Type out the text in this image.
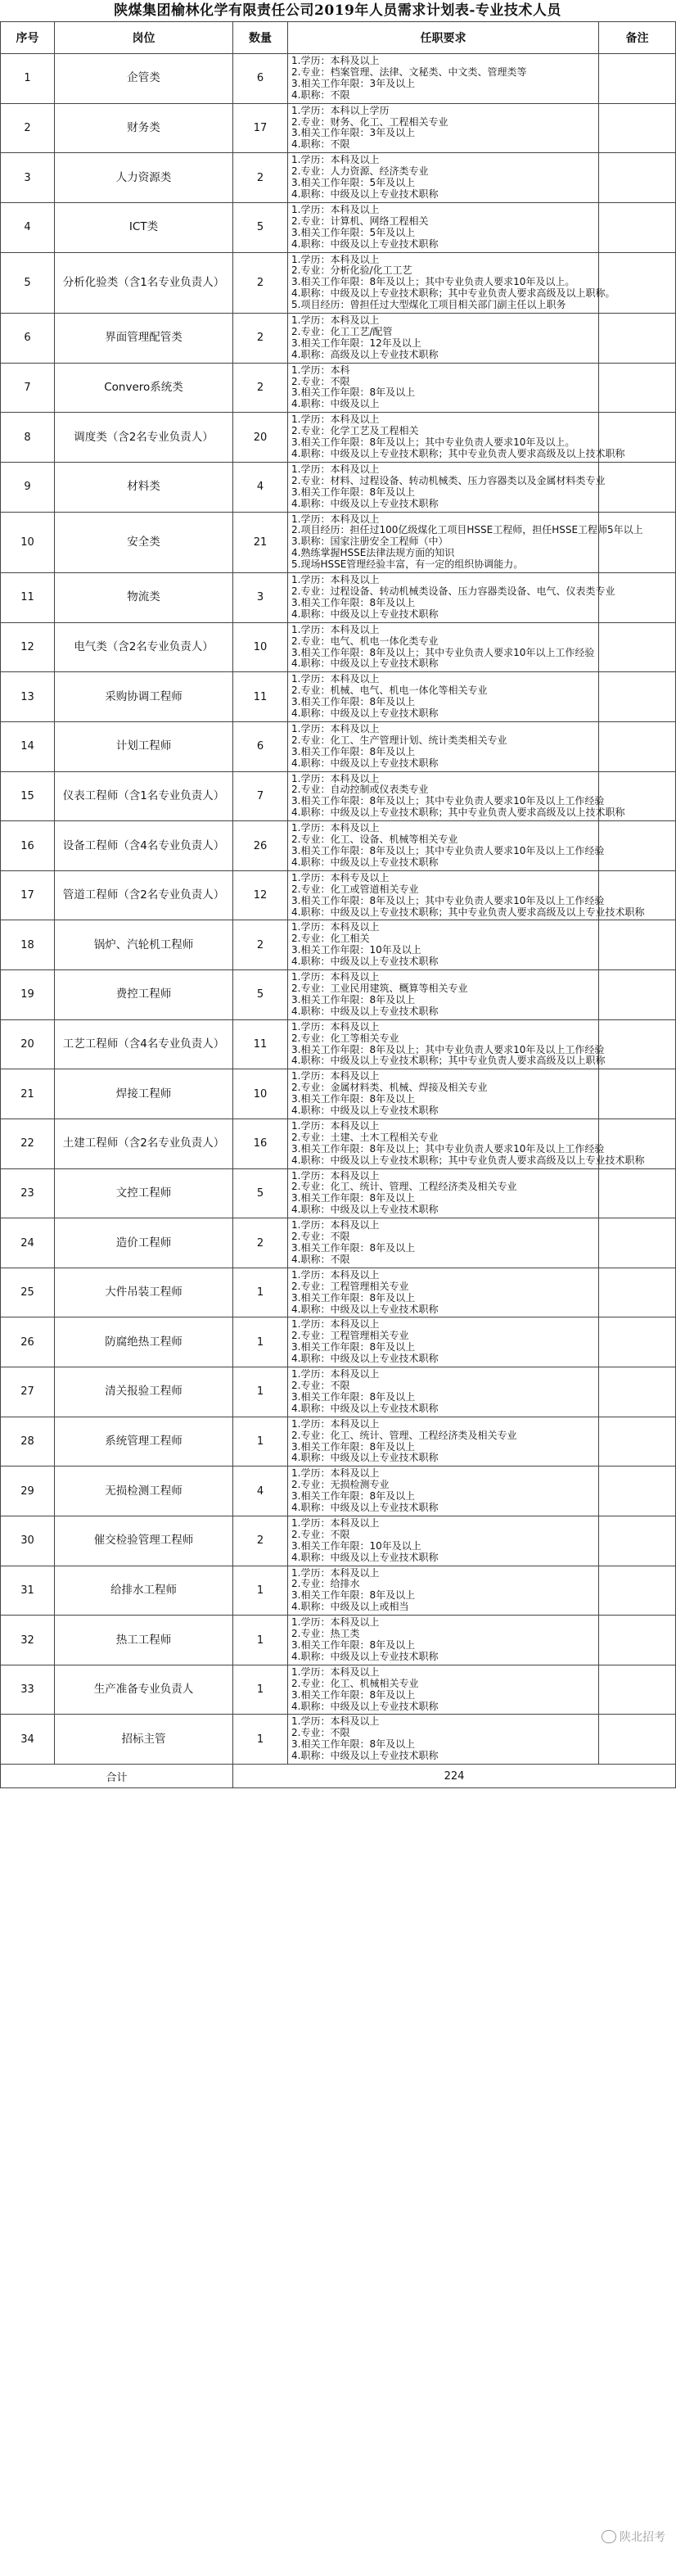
陕煤集团榆林化学有限责任公司2019年人员需求计划表-专业技术人员
序号	岗位	数量	任职要求	备注
1	企管类	6	1.学历：本科及以上
2.专业：档案管理、法律、文秘类、中文类、管理类等
3.相关工作年限：3年及以上
4.职称：不限	

2	财务类	17	1.学历：本科以上学历
2.专业：财务、化工、工程相关专业
3.相关工作年限：3年及以上
4.职称：不限	

3	人力资源类	2	1.学历：本科及以上
2.专业：人力资源、经济类专业
3.相关工作年限：5年及以上
4.职称：中级及以上专业技术职称	

4	ICT类	5	1.学历：本科及以上
2.专业：计算机、网络工程相关
3.相关工作年限：5年及以上
4.职称：中级及以上专业技术职称	

5	分析化验类（含1名专业负责人）	2	1.学历：本科及以上
2.专业：分析化验/化工工艺
3.相关工作年限：8年及以上；其中专业负责人要求10年及以上。
4.职称：中级及以上专业技术职称；其中专业负责人要求高级及以上职称。
5.项目经历：曾担任过大型煤化工项目相关部门副主任以上职务	

6	界面管理配管类	2	1.学历：本科及以上
2.专业：化工工艺/配管
3.相关工作年限：12年及以上
4.职称：高级及以上专业技术职称	

7	Convero系统类	2	1.学历：本科
2.专业：不限
3.相关工作年限：8年及以上
4.职称：中级及以上	

8	调度类（含2名专业负责人）	20	1.学历：本科及以上
2.专业：化学工艺及工程相关
3.相关工作年限：8年及以上；其中专业负责人要求10年及以上。
4.职称：中级及以上专业技术职称；其中专业负责人要求高级及以上技术职称	

9	材料类	4	1.学历：本科及以上
2.专业：材料、过程设备、转动机械类、压力容器类以及金属材料类专业
3.相关工作年限：8年及以上
4.职称：中级及以上专业技术职称	

10	安全类	21	1.学历：本科及以上
2.项目经历：担任过100亿级煤化工项目HSSE工程师，担任HSSE工程师5年以上
3.职称：国家注册安全工程师（中）
4.熟练掌握HSSE法律法规方面的知识
5.现场HSSE管理经验丰富，有一定的组织协调能力。	

11	物流类	3	1.学历：本科及以上
2.专业：过程设备、转动机械类设备、压力容器类设备、电气、仪表类专业
3.相关工作年限：8年及以上
4.职称：中级及以上专业技术职称	

12	电气类（含2名专业负责人）	10	1.学历：本科及以上
2.专业：电气、机电一体化类专业
3.相关工作年限：8年及以上；其中专业负责人要求10年以上工作经验
4.职称：中级及以上专业技术职称	

13	采购协调工程师	11	1.学历：本科及以上
2.专业：机械、电气、机电一体化等相关专业
3.相关工作年限：8年及以上
4.职称：中级及以上专业技术职称	

14	计划工程师	6	1.学历：本科及以上
2.专业：化工、生产管理计划、统计类类相关专业
3.相关工作年限：8年及以上
4.职称：中级及以上专业技术职称	

15	仪表工程师（含1名专业负责人）	7	1.学历：本科及以上
2.专业：自动控制或仪表类专业
3.相关工作年限：8年及以上；其中专业负责人要求10年及以上工作经验
4.职称：中级及以上专业技术职称；其中专业负责人要求高级及以上技术职称	

16	设备工程师（含4名专业负责人）	26	1.学历：本科及以上
2.专业：化工、设备、机械等相关专业
3.相关工作年限：8年及以上；其中专业负责人要求10年及以上工作经验
4.职称：中级及以上专业技术职称	

17	管道工程师（含2名专业负责人）	12	1.学历：本科专及以上
2.专业：化工或管道相关专业
3.相关工作年限：8年及以上；其中专业负责人要求10年及以上工作经验
4.职称：中级及以上专业技术职称；其中专业负责人要求高级及以上专业技术职称	

18	锅炉、汽轮机工程师	2	1.学历：本科及以上
2.专业：化工相关
3.相关工作年限：10年及以上
4.职称：中级及以上专业技术职称	

19	费控工程师	5	1.学历：本科及以上
2.专业：工业民用建筑、概算等相关专业
3.相关工作年限：8年及以上
4.职称：中级及以上专业技术职称	

20	工艺工程师（含4名专业负责人）	11	1.学历：本科及以上
2.专业：化工等相关专业
3.相关工作年限：8年及以上；其中专业负责人要求10年及以上工作经验
4.职称：中级及以上专业技术职称；其中专业负责人要求高级及以上职称	

21	焊接工程师	10	1.学历：本科及以上
2.专业：金属材料类、机械、焊接及相关专业
3.相关工作年限：8年及以上
4.职称：中级及以上专业技术职称	

22	土建工程师（含2名专业负责人）	16	1.学历：本科及以上
2.专业：土建、土木工程相关专业
3.相关工作年限：8年及以上；其中专业负责人要求10年及以上工作经验
4.职称：中级及以上专业技术职称；其中专业负责人要求高级及以上专业技术职称	

23	文控工程师	5	1.学历：本科及以上
2.专业：化工、统计、管理、工程经济类及相关专业
3.相关工作年限：8年及以上
4.职称：中级及以上专业技术职称	

24	造价工程师	2	1.学历：本科及以上
2.专业：不限
3.相关工作年限：8年及以上
4.职称：不限	

25	大件吊装工程师	1	1.学历：本科及以上
2.专业：工程管理相关专业
3.相关工作年限：8年及以上
4.职称：中级及以上专业技术职称	

26	防腐绝热工程师	1	1.学历：本科及以上
2.专业：工程管理相关专业
3.相关工作年限：8年及以上
4.职称：中级及以上专业技术职称	

27	清关报验工程师	1	1.学历：本科及以上
2.专业：不限
3.相关工作年限：8年及以上
4.职称：中级及以上专业技术职称	

28	系统管理工程师	1	1.学历：本科及以上
2.专业：化工、统计、管理、工程经济类及相关专业
3.相关工作年限：8年及以上
4.职称：中级及以上专业技术职称	

29	无损检测工程师	4	1.学历：本科及以上
2.专业：无损检测专业
3.相关工作年限：8年及以上
4.职称：中级及以上专业技术职称	

30	催交检验管理工程师	2	1.学历：本科及以上
2.专业：不限
3.相关工作年限：10年及以上
4.职称：中级及以上专业技术职称	

31	给排水工程师	1	1.学历：本科及以上
2.专业：给排水
3.相关工作年限：8年及以上
4.职称：中级及以上或相当	

32	热工工程师	1	1.学历：本科及以上
2.专业：热工类
3.相关工作年限：8年及以上
4.职称：中级及以上专业技术职称	

33	生产准备专业负责人	1	1.学历：本科及以上
2.专业：化工、机械相关专业
3.相关工作年限：8年及以上
4.职称：中级及以上专业技术职称	

34	招标主管	1	1.学历：本科及以上
2.专业：不限
3.相关工作年限：8年及以上
4.职称：中级及以上专业技术职称	

合计		224		
陕北招考
